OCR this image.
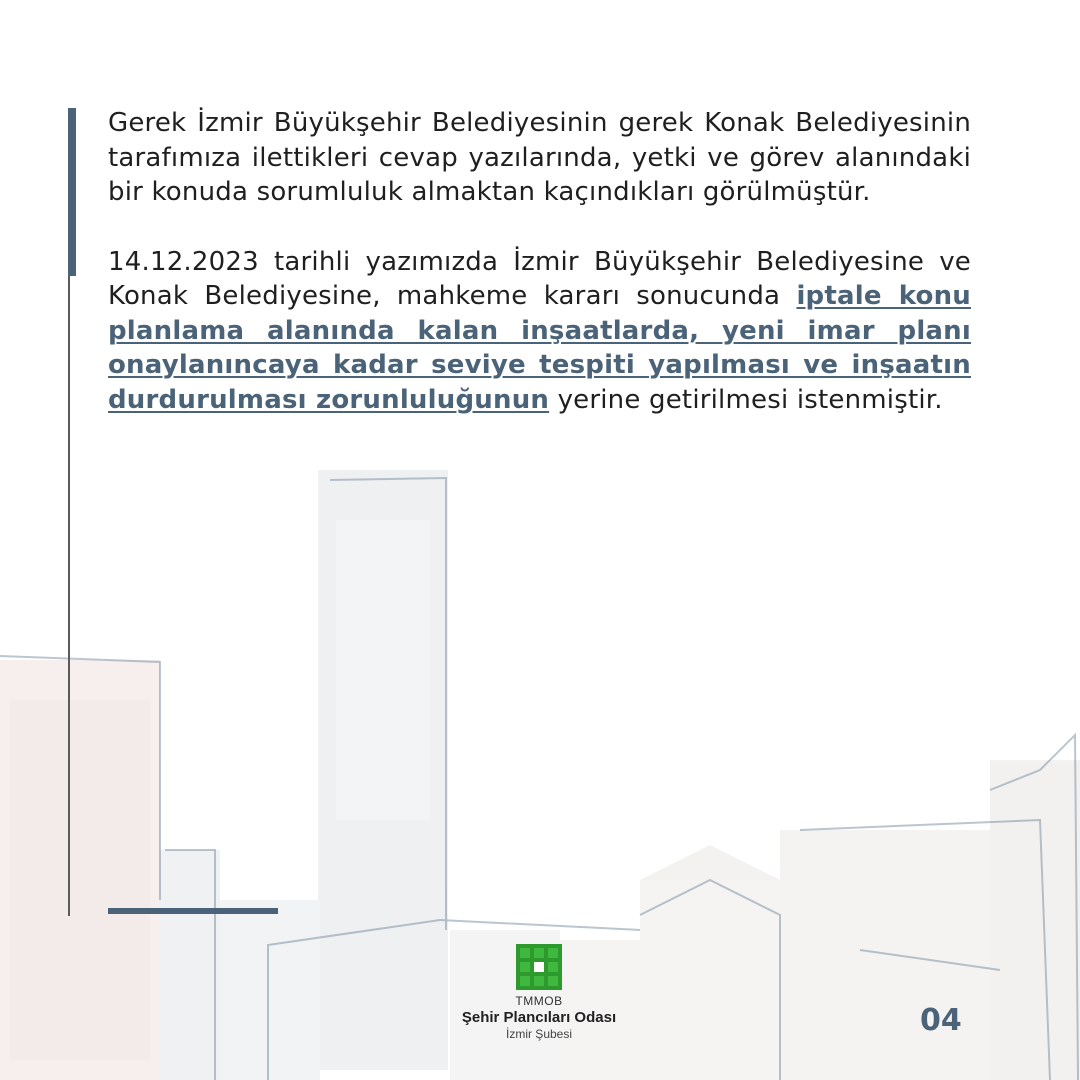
Gerek İzmir Büyükşehir Belediyesinin gerek Konak Belediyesinin tarafımıza ilettikleri cevap yazılarında, yetki ve görev alanındaki bir konuda sorumluluk almaktan kaçındıkları görülmüştür.

14.12.2023 tarihli yazımızda İzmir Büyükşehir Belediyesine ve Konak Belediyesine, mahkeme kararı sonucunda iptale konu planlama alanında kalan inşaatlarda, yeni imar planı onaylanıncaya kadar seviye tespiti yapılması ve inşaatın durdurulması zorunluluğunun yerine getirilmesi istenmiştir.

TMMOB
Şehir Plancıları Odası
İzmir Şubesi	04
